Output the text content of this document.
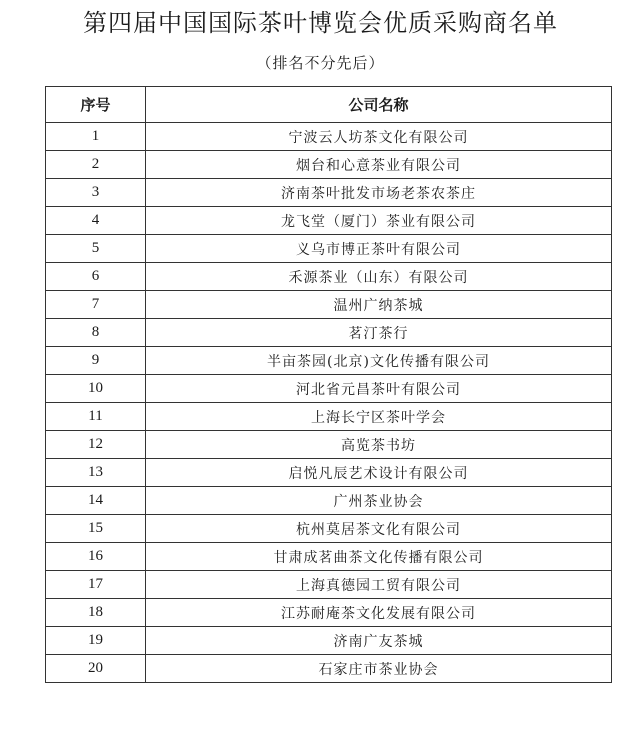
第四届中国国际茶叶博览会优质采购商名单
（排名不分先后）
序号	公司名称
1	宁波云人坊茶文化有限公司
2	烟台和心意茶业有限公司
3	济南茶叶批发市场老茶农茶庄
4	龙飞堂（厦门）茶业有限公司
5	义乌市博正茶叶有限公司
6	禾源茶业（山东）有限公司
7	温州广纳茶城
8	茗汀茶行
9	半亩茶园(北京)文化传播有限公司
10	河北省元昌茶叶有限公司
11	上海长宁区茶叶学会
12	高览茶书坊
13	启悦凡辰艺术设计有限公司
14	广州茶业协会
15	杭州莫居茶文化有限公司
16	甘肃成茗曲茶文化传播有限公司
17	上海真德园工贸有限公司
18	江苏耐庵茶文化发展有限公司
19	济南广友茶城
20	石家庄市茶业协会
